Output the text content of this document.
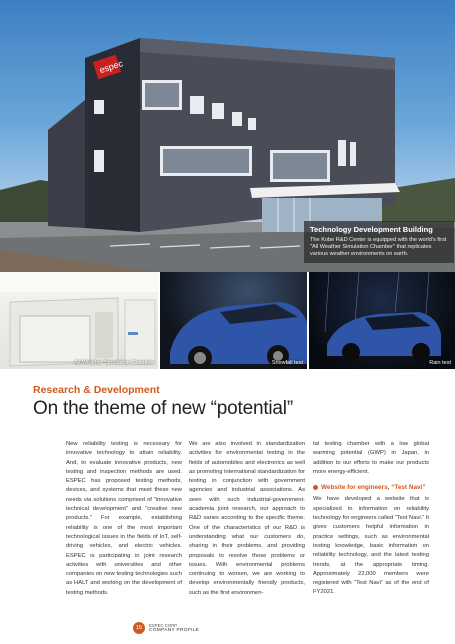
espec
Technology Development Building
The Kobe R&D Center is equipped with the world's first "All Weather Simulation Chamber" that replicates various weather environments on earth.
All Weather Simulation Chamber	Snowfall test	Rain test
Research & Development
On the theme of new “potential”

New reliability testing is necessary for innovative technology to attain reliability. And, to evaluate innovative products, new testing and inspection methods are used. ESPEC has proposed testing methods, devices, and systems that meet these new needs via solutions comprised of “innovative technical development” and “creative new products.” For example, establishing reliability is one of the most important technological issues in the fields of IoT, self-driving vehicles, and electric vehicles. ESPEC is participating in joint research activities with universities and other companies on new testing technologies such as HALT and working on the development of testing methods.

We are also involved in standardization activities for environmental testing in the fields of automobiles and electronics as well as promoting international standardization for testing in conjunction with government agencies and industrial associations. As seen with such industrial-government-academia joint research, our approach to R&D varies according to the specific theme. One of the characteristics of our R&D is understanding what our customers do, sharing in their problems, and providing proposals to resolve those problems or issues. With environmental problems continuing to worsen, we are working to develop environmentally friendly products, such as the first environmen-

tal testing chamber with a low global warming potential (GWP) in Japan, in addition to our efforts to make our products more energy-efficient.

Website for engineers, “Test Navi”

We have developed a website that is specialized in information on reliability technology for engineers called “Test Navi.” It gives customers helpful information in practice settings, such as environmental testing knowledge, basic information on reliability technology, and the latest testing trends, at the appropriate timing. Approximately 22,000 members were registered with “Test Navi” as of the end of FY2021.

15	ESPEC CORP.
COMPANY PROFILE
